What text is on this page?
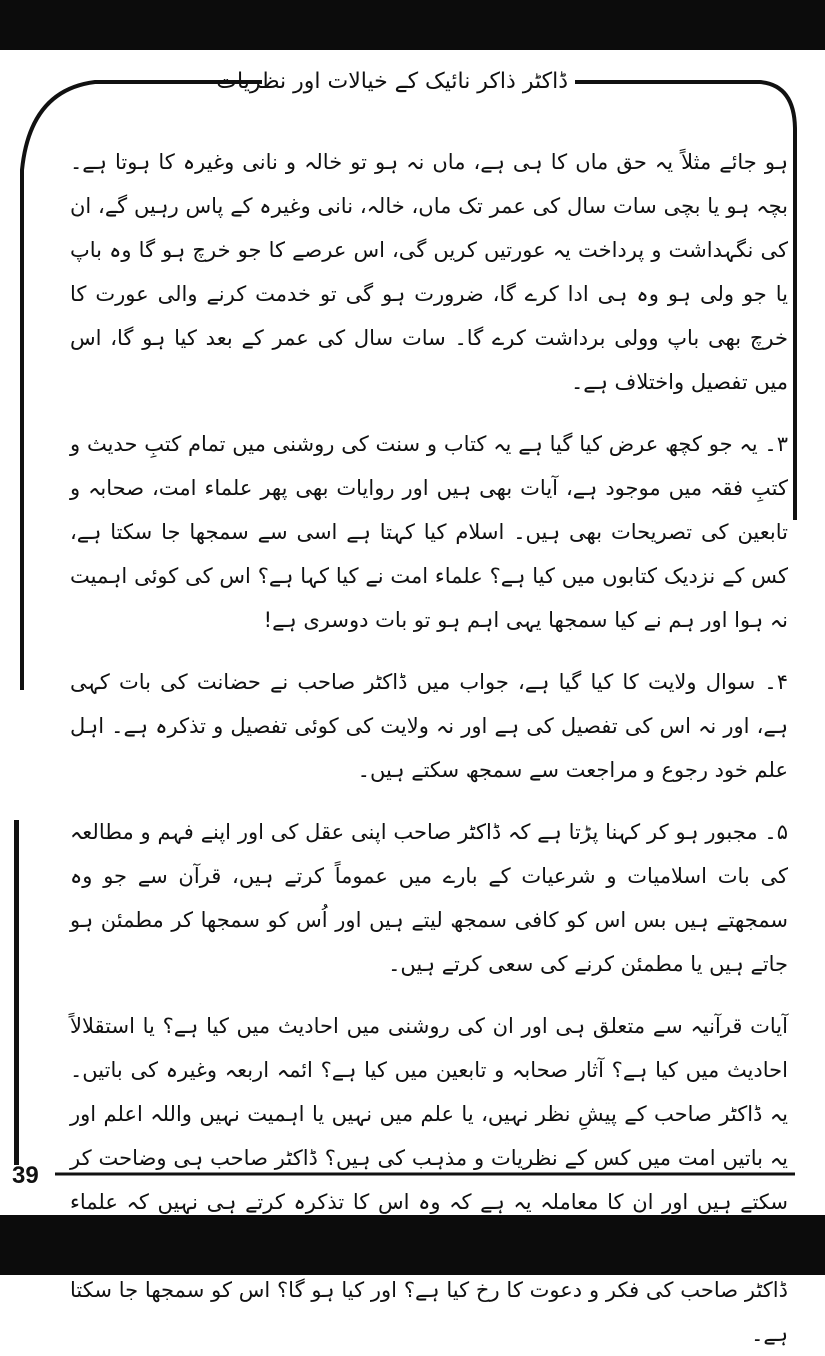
ڈاکٹر ذاکر نائیک کے خیالات اور نظریات

ہو جائے مثلاً یہ حق ماں کا ہی ہے، ماں نہ ہو تو خالہ و نانی وغیرہ کا ہوتا ہے۔ بچہ ہو یا بچی سات سال کی عمر تک ماں، خالہ، نانی وغیرہ کے پاس رہیں گے، ان کی نگہداشت و پرداخت یہ عورتیں کریں گی، اس عرصے کا جو خرچ ہو گا وہ باپ یا جو ولی ہو وہ ہی ادا کرے گا، ضرورت ہو گی تو خدمت کرنے والی عورت کا خرچ بھی باپ وولی برداشت کرے گا۔ سات سال کی عمر کے بعد کیا ہو گا، اس میں تفصیل واختلاف ہے۔

۳۔ یہ جو کچھ عرض کیا گیا ہے یہ کتاب و سنت کی روشنی میں تمام کتبِ حدیث و کتبِ فقہ میں موجود ہے، آیات بھی ہیں اور روایات بھی پھر علماء امت، صحابہ و تابعین کی تصریحات بھی ہیں۔ اسلام کیا کہتا ہے اسی سے سمجھا جا سکتا ہے، کس کے نزدیک کتابوں میں کیا ہے؟ علماء امت نے کیا کہا ہے؟ اس کی کوئی اہمیت نہ ہوا اور ہم نے کیا سمجھا یہی اہم ہو تو بات دوسری ہے!

۴۔ سوال ولایت کا کیا گیا ہے، جواب میں ڈاکٹر صاحب نے حضانت کی بات کہی ہے، اور نہ اس کی تفصیل کی ہے اور نہ ولایت کی کوئی تفصیل و تذکرہ ہے۔ اہل علم خود رجوع و مراجعت سے سمجھ سکتے ہیں۔

۵۔ مجبور ہو کر کہنا پڑتا ہے کہ ڈاکٹر صاحب اپنی عقل کی اور اپنے فہم و مطالعہ کی بات اسلامیات و شرعیات کے بارے میں عموماً کرتے ہیں، قرآن سے جو وہ سمجھتے ہیں بس اس کو کافی سمجھ لیتے ہیں اور اُس کو سمجھا کر مطمئن ہو جاتے ہیں یا مطمئن کرنے کی سعی کرتے ہیں۔

آیات قرآنیہ سے متعلق ہی اور ان کی روشنی میں احادیث میں کیا ہے؟ یا استقلالاً احادیث میں کیا ہے؟ آثار صحابہ و تابعین میں کیا ہے؟ ائمہ اربعہ وغیرہ کی باتیں۔ یہ ڈاکٹر صاحب کے پیشِ نظر نہیں، یا علم میں نہیں یا اہمیت نہیں واللہ اعلم اور یہ باتیں امت میں کس کے نظریات و مذہب کی ہیں؟ ڈاکٹر صاحب ہی وضاحت کر سکتے ہیں اور ان کا معاملہ یہ ہے کہ وہ اس کا تذکرہ کرتے ہی نہیں کہ علماء ڈاکٹر صاحب کی فکر و دعوت کا رخ کیا ہے؟ اور کیا ہو گا؟ اس کو سمجھا جا سکتا ہے۔

39
